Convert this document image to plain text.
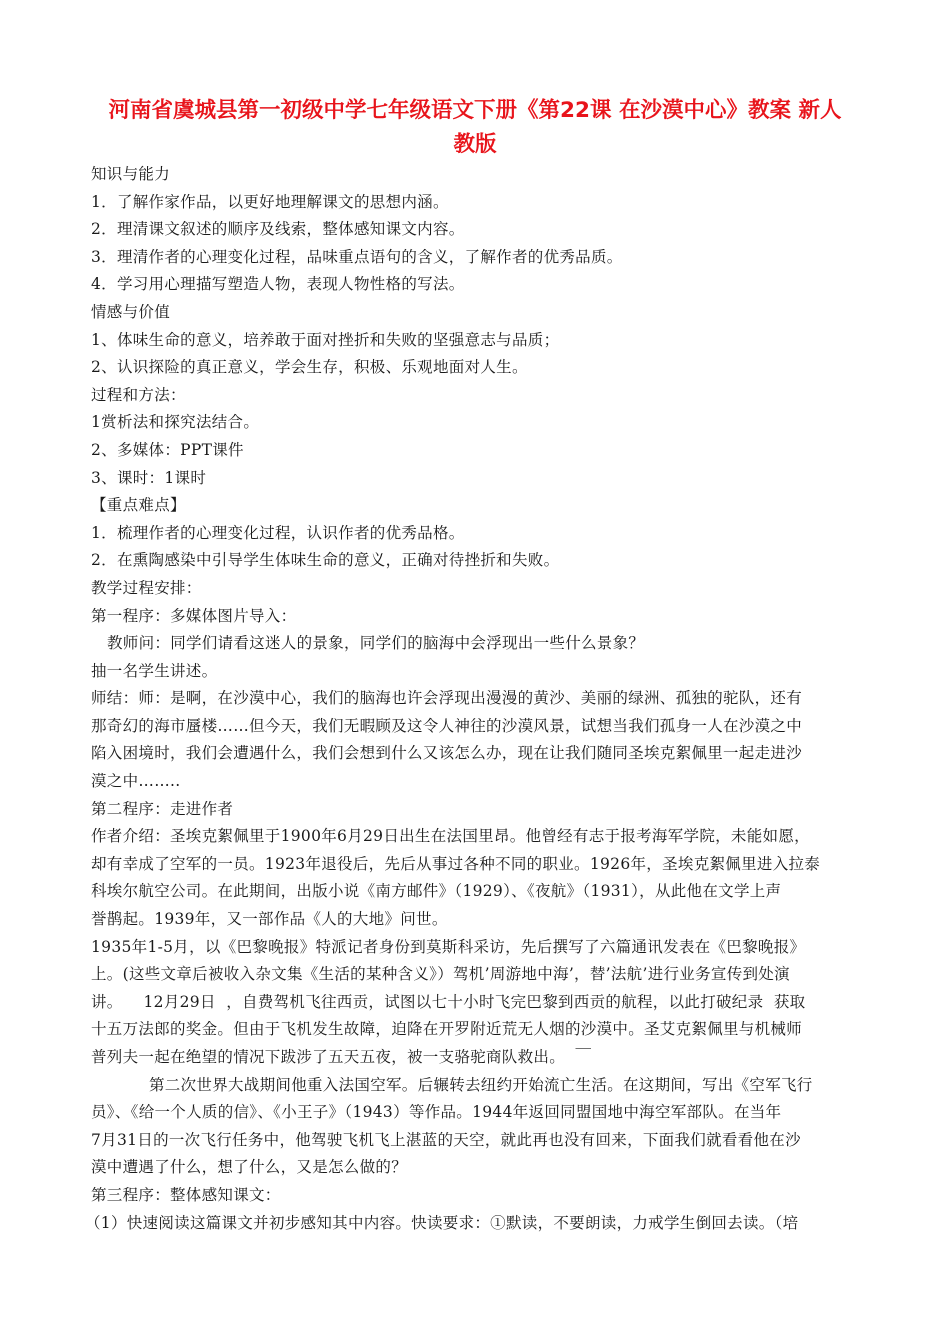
河南省虞城县第一初级中学七年级语文下册《第22课 在沙漠中心》教案 新人
教版
知识与能力
1．了解作家作品，以更好地理解课文的思想内涵。
2．理清课文叙述的顺序及线索，整体感知课文内容。
3．理清作者的心理变化过程，品味重点语句的含义，了解作者的优秀品质。
4．学习用心理描写塑造人物，表现人物性格的写法。
情感与价值
1、体味生命的意义，培养敢于面对挫折和失败的坚强意志与品质；
2、认识探险的真正意义，学会生存，积极、乐观地面对人生。
过程和方法：
1赏析法和探究法结合。
2、多媒体：PPT课件
3、课时：1课时
【重点难点】
1．梳理作者的心理变化过程，认识作者的优秀品格。
2．在熏陶感染中引导学生体味生命的意义，正确对待挫折和失败。
教学过程安排：
第一程序：多媒体图片导入：
教师问：同学们请看这迷人的景象，同学们的脑海中会浮现出一些什么景象？
抽一名学生讲述。
师结：师：是啊，在沙漠中心，我们的脑海也许会浮现出漫漫的黄沙、美丽的绿洲、孤独的驼队，还有
那奇幻的海市蜃楼……但今天，我们无暇顾及这令人神往的沙漠风景，试想当我们孤身一人在沙漠之中
陷入困境时，我们会遭遇什么，我们会想到什么又该怎么办，现在让我们随同圣埃克絮佩里一起走进沙
漠之中……..
第二程序：走进作者
作者介绍：圣埃克絮佩里于1900年6月29日出生在法国里昂。他曾经有志于报考海军学院，未能如愿，
却有幸成了空军的一员。1923年退役后，先后从事过各种不同的职业。1926年，圣埃克絮佩里进入拉泰
科埃尔航空公司。在此期间，出版小说《南方邮件》（1929）、《夜航》（1931），从此他在文学上声
誉鹊起。1939年，又一部作品《人的大地》问世。
1935年1-5月，以《巴黎晚报》特派记者身份到莫斯科采访，先后撰写了六篇通讯发表在《巴黎晚报》
上。(这些文章后被收入杂文集《生活的某种含义》）驾机’周游地中海’，替’法航’进行业务宣传到处演
讲。    12月29日  ，自费驾机飞往西贡，试图以七十小时飞完巴黎到西贡的航程，以此打破纪录  获取
十五万法郎的奖金。但由于飞机发生故障，迫降在开罗附近荒无人烟的沙漠中。圣艾克絮佩里与机械师
普列夫一起在绝望的情况下跋涉了五天五夜，被一支骆驼商队救出。  ￣
第二次世界大战期间他重入法国空军。后辗转去纽约开始流亡生活。在这期间，写出《空军飞行
员》、《给一个人质的信》、《小王子》（1943）等作品。1944年返回同盟国地中海空军部队。在当年
7月31日的一次飞行任务中，他驾驶飞机飞上湛蓝的天空，就此再也没有回来，下面我们就看看他在沙
漠中遭遇了什么，想了什么，又是怎么做的？
第三程序：整体感知课文：
（1）快速阅读这篇课文并初步感知其中内容。快读要求：①默读，不要朗读，力戒学生倒回去读。（培
